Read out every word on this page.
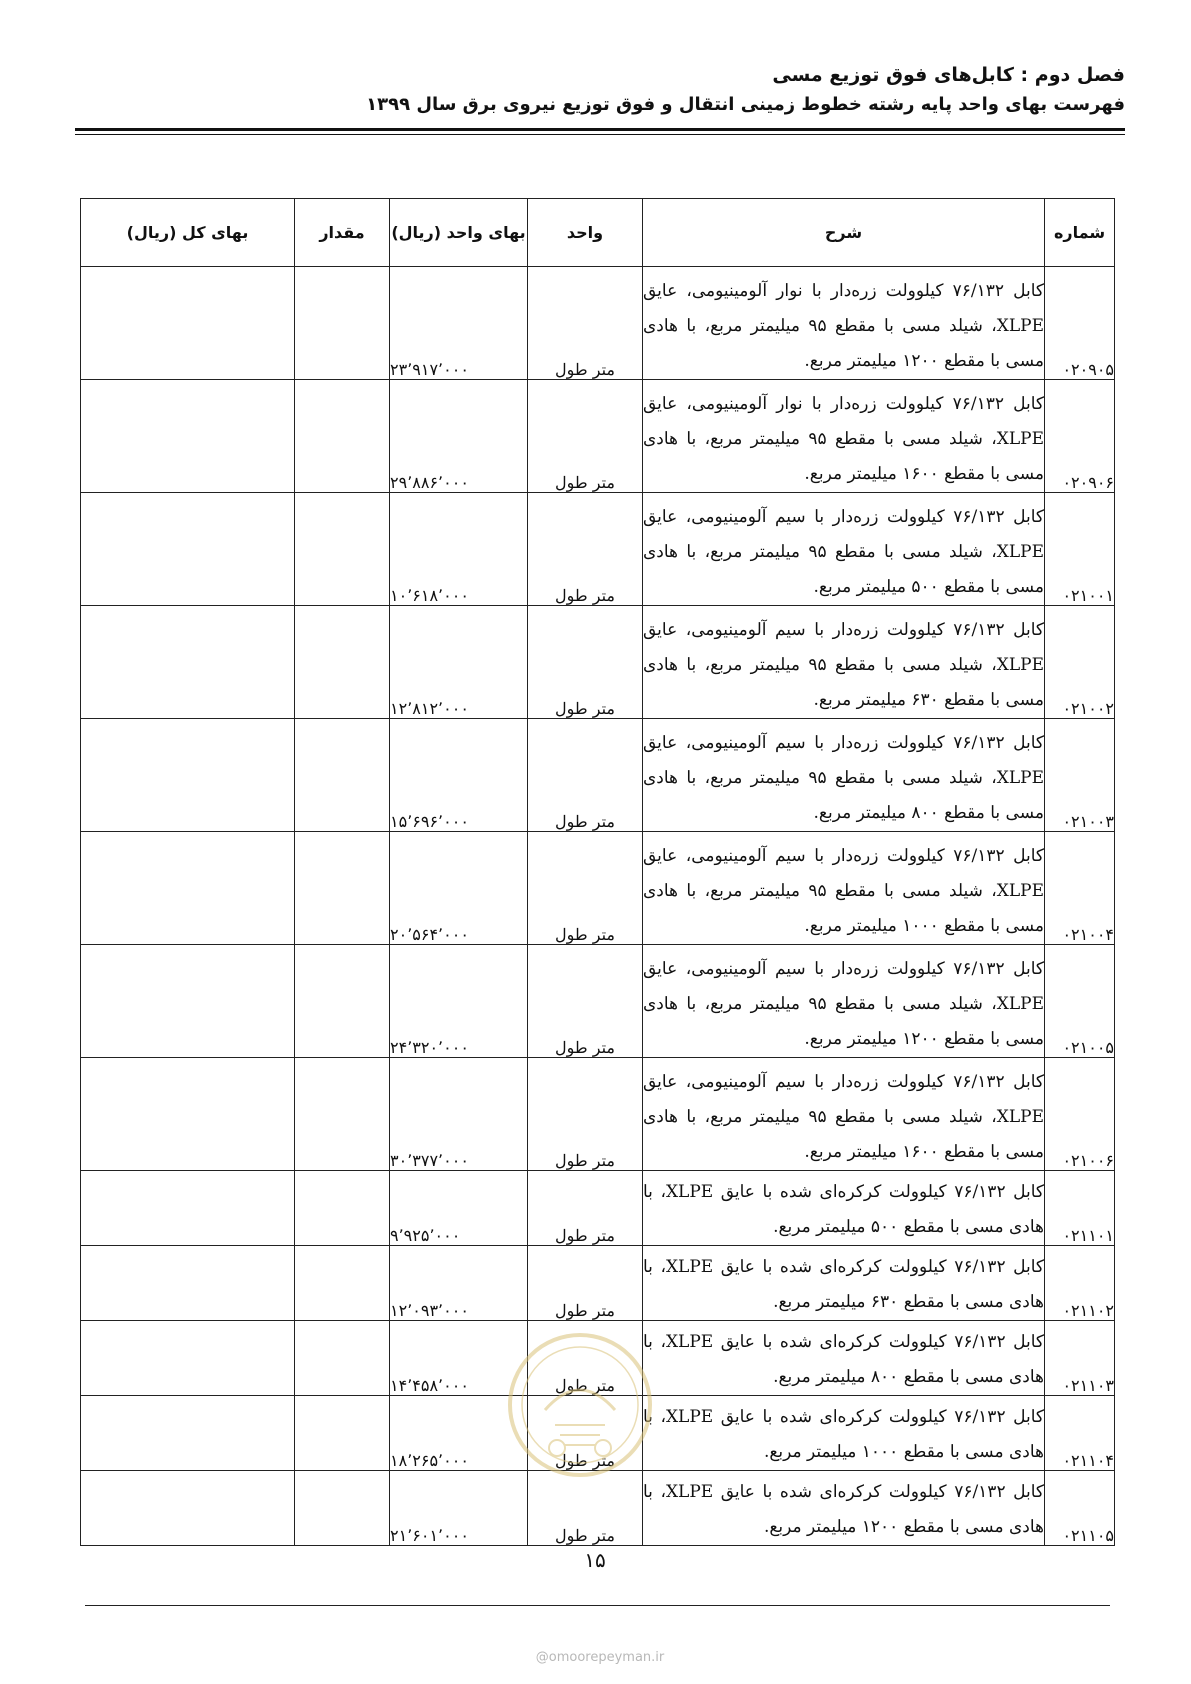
فصل دوم : کابل‌های فوق توزیع مسی
فهرست بهای واحد پایه رشته خطوط زمینی انتقال و فوق توزیع نیروی برق سال ۱۳۹۹
شماره	شرح	واحد	بهای واحد (ریال)	مقدار	بهای کل (ریال)
۰۲۰۹۰۵	کابل ۷۶/۱۳۲ کیلوولت زره‌دار با نوار آلومینیومی، عایق XLPE، شیلد مسی با مقطع ۹۵ میلیمتر مربع، با هادی مسی با مقطع ۱۲۰۰ میلیمتر مربع.	متر طول	۲۳٬۹۱۷٬۰۰۰		
۰۲۰۹۰۶	کابل ۷۶/۱۳۲ کیلوولت زره‌دار با نوار آلومینیومی، عایق XLPE، شیلد مسی با مقطع ۹۵ میلیمتر مربع، با هادی مسی با مقطع ۱۶۰۰ میلیمتر مربع.	متر طول	۲۹٬۸۸۶٬۰۰۰		
۰۲۱۰۰۱	کابل ۷۶/۱۳۲ کیلوولت زره‌دار با سیم آلومینیومی، عایق XLPE، شیلد مسی با مقطع ۹۵ میلیمتر مربع، با هادی مسی با مقطع ۵۰۰ میلیمتر مربع.	متر طول	۱۰٬۶۱۸٬۰۰۰		
۰۲۱۰۰۲	کابل ۷۶/۱۳۲ کیلوولت زره‌دار با سیم آلومینیومی، عایق XLPE، شیلد مسی با مقطع ۹۵ میلیمتر مربع، با هادی مسی با مقطع ۶۳۰ میلیمتر مربع.	متر طول	۱۲٬۸۱۲٬۰۰۰		
۰۲۱۰۰۳	کابل ۷۶/۱۳۲ کیلوولت زره‌دار با سیم آلومینیومی، عایق XLPE، شیلد مسی با مقطع ۹۵ میلیمتر مربع، با هادی مسی با مقطع ۸۰۰ میلیمتر مربع.	متر طول	۱۵٬۶۹۶٬۰۰۰		
۰۲۱۰۰۴	کابل ۷۶/۱۳۲ کیلوولت زره‌دار با سیم آلومینیومی، عایق XLPE، شیلد مسی با مقطع ۹۵ میلیمتر مربع، با هادی مسی با مقطع ۱۰۰۰ میلیمتر مربع.	متر طول	۲۰٬۵۶۴٬۰۰۰		
۰۲۱۰۰۵	کابل ۷۶/۱۳۲ کیلوولت زره‌دار با سیم آلومینیومی، عایق XLPE، شیلد مسی با مقطع ۹۵ میلیمتر مربع، با هادی مسی با مقطع ۱۲۰۰ میلیمتر مربع.	متر طول	۲۴٬۳۲۰٬۰۰۰		
۰۲۱۰۰۶	کابل ۷۶/۱۳۲ کیلوولت زره‌دار با سیم آلومینیومی، عایق XLPE، شیلد مسی با مقطع ۹۵ میلیمتر مربع، با هادی مسی با مقطع ۱۶۰۰ میلیمتر مربع.	متر طول	۳۰٬۳۷۷٬۰۰۰		
۰۲۱۱۰۱	کابل ۷۶/۱۳۲ کیلوولت کرکره‌ای شده با عایق XLPE، با هادی مسی با مقطع ۵۰۰ میلیمتر مربع.	متر طول	۹٬۹۲۵٬۰۰۰		
۰۲۱۱۰۲	کابل ۷۶/۱۳۲ کیلوولت کرکره‌ای شده با عایق XLPE، با هادی مسی با مقطع ۶۳۰ میلیمتر مربع.	متر طول	۱۲٬۰۹۳٬۰۰۰		
۰۲۱۱۰۳	کابل ۷۶/۱۳۲ کیلوولت کرکره‌ای شده با عایق XLPE، با هادی مسی با مقطع ۸۰۰ میلیمتر مربع.	متر طول	۱۴٬۴۵۸٬۰۰۰		
۰۲۱۱۰۴	کابل ۷۶/۱۳۲ کیلوولت کرکره‌ای شده با عایق XLPE، با هادی مسی با مقطع ۱۰۰۰ میلیمتر مربع.	متر طول	۱۸٬۲۶۵٬۰۰۰		
۰۲۱۱۰۵	کابل ۷۶/۱۳۲ کیلوولت کرکره‌ای شده با عایق XLPE، با هادی مسی با مقطع ۱۲۰۰ میلیمتر مربع.	متر طول	۲۱٬۶۰۱٬۰۰۰		
۱۵
@omoorepeyman.ir
